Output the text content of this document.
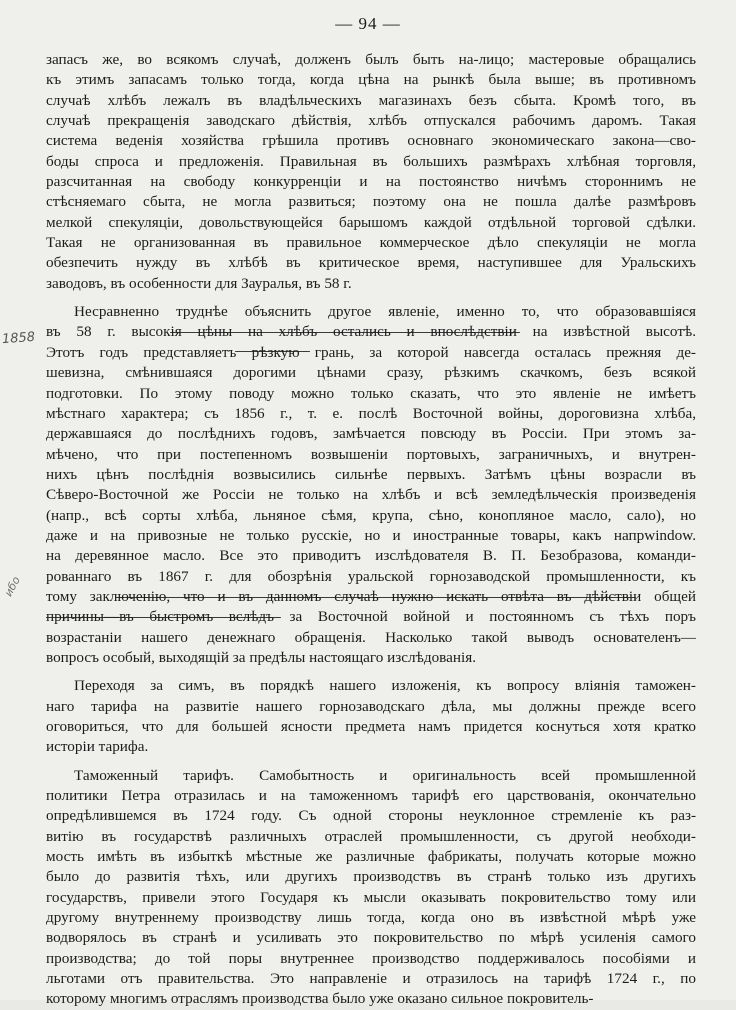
— 94 —
1858
ибо
запасъ же, во всякомъ случаѣ, долженъ былъ быть на-лицо; мастеровые обращались
къ этимъ запасамъ только тогда, когда цѣна на рынкѣ была выше; въ противномъ
случаѣ хлѣбъ лежалъ въ владѣльческихъ магазинахъ безъ сбыта. Кромѣ того, въ
случаѣ прекращенія заводскаго дѣйствія, хлѣбъ отпускался рабочимъ даромъ. Такая
система веденія хозяйства грѣшила противъ основнаго экономическаго закона—сво-
боды спроса и предложенія. Правильная въ большихъ размѣрахъ хлѣбная торговля,
разсчитанная на свободу конкурренціи и на постоянство ничѣмъ стороннимъ не
стѣсняемаго сбыта, не могла развиться; поэтому она не пошла далѣе размѣровъ
мелкой спекуляціи, довольствующейся барышомъ каждой отдѣльной торговой сдѣлки.
Такая не организованная въ правильное коммерческое дѣло спекуляціи не могла
обезпечить нужду въ хлѣбѣ въ критическое время, наступившее для Уральскихъ
заводовъ, въ особенности для Зауралья, въ 58 г.
Несравненно труднѣе объяснить другое явленіе, именно то, что образовавшіяся
въ 58 г. высокія цѣны на хлѣбъ остались и впослѣдствіи на извѣстной высотѣ.
Этотъ годъ представляетъ рѣзкую грань, за которой навсегда осталась прежняя де-
шевизна, смѣнившаяся дорогими цѣнами сразу, рѣзкимъ скачкомъ, безъ всякой
подготовки. По этому поводу можно только сказать, что это явленіе не имѣетъ
мѣстнаго характера; съ 1856 г., т. е. послѣ Восточной войны, дороговизна хлѣба,
державшаяся до послѣднихъ годовъ, замѣчается повсюду въ Россіи. При этомъ за-
мѣчено, что при постепенномъ возвышеніи портовыхъ, заграничныхъ, и внутрен-
нихъ цѣнъ послѣднія возвысились сильнѣе первыхъ. Затѣмъ цѣны возрасли въ
Сѣверо-Восточной же Россіи не только на хлѣбъ и всѣ земледѣльческія произведенія
(напр., всѣ сорты хлѣба, льняное сѣмя, крупа, сѣно, конопляное масло, сало), но
даже и на привозные не только русскіе, но и иностранные товары, какъ напрwindow.
на деревянное масло. Все это приводитъ изслѣдователя В. П. Безобразова, команди-
рованнаго въ 1867 г. для обозрѣнія уральской горнозаводской промышленности, къ
тому заключенію, что и въ данномъ случаѣ нужно искать отвѣта въ дѣйствіи общей
причины—въ быстромъ вслѣдъ за Восточной войной и постоянномъ съ тѣхъ поръ
возрастаніи нашего денежнаго обращенія. Насколько такой выводъ основателенъ—
вопросъ особый, выходящій за предѣлы настоящаго изслѣдованія.
Переходя за симъ, въ порядкѣ нашего изложенія, къ вопросу вліянія таможен-
наго тарифа на развитіе нашего горнозаводскаго дѣла, мы должны прежде всего
оговориться, что для большей ясности предмета намъ придется коснуться хотя кратко
исторіи тарифа.
Таможенный тарифъ. Самобытность и оригинальность всей промышленной
политики Петра отразилась и на таможенномъ тарифѣ его царствованія, окончательно
опредѣлившемся въ 1724 году. Съ одной стороны неуклонное стремленіе къ раз-
витію въ государствѣ различныхъ отраслей промышленности, съ другой необходи-
мость имѣть въ избыткѣ мѣстные же различные фабрикаты, получать которые можно
было до развитія тѣхъ, или другихъ производствъ въ странѣ только изъ другихъ
государствъ, привели этого Государя къ мысли оказывать покровительство тому или
другому внутреннему производству лишь тогда, когда оно въ извѣстной мѣрѣ уже
водворялось въ странѣ и усиливать это покровительство по мѣрѣ усиленія самого
производства; до той поры внутреннее производство поддерживалось пособіями и
льготами отъ правительства. Это направленіе и отразилось на тарифѣ 1724 г., по
которому многимъ отраслямъ производства было уже оказано сильное покровитель-
